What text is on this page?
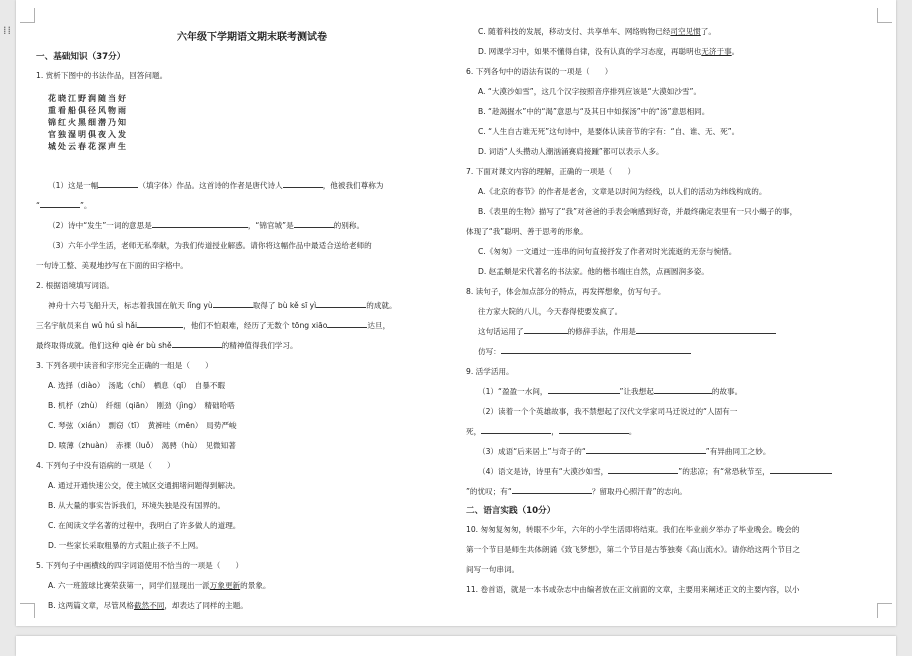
六年级下学期语文期末联考测试卷
一、基础知识（37分）
1. 赏析下图中的书法作品，回答问题。
花晓江野润随当好
重看船俱径风物雨
锦红火黑细潜乃知
官独湿明俱夜入发
城处云春花深声生
（1）这是一幅	（填字体）作品。这首诗的作者是唐代诗人	，他被我们尊称为
“	”。
（2）诗中“发生”一词的意思是	，“锦官城”是	的别称。
（3）六年小学生活，老师无私奉献，为我们传道授业解惑。请你将这幅作品中最适合送给老师的
一句诗工整、美观地抄写在下面的田字格中。
2. 根据语境填写词语。
神舟十六号飞船升天，标志着我国在航天 lǐng yù	取得了 bù kě sī yì	的成就。
三名宇航员来自 wǔ hú sì hǎi	，他们不怕艰难，经历了无数个 tōng xiāo	达旦，
最终取得成就。他们这种 qiè ér bù shě	的精神值得我们学习。
3. 下列各项中读音和字形完全正确的一组是（　　）
A. 选择（diào）　汤匙（chí）　栖息（qī）　自暴不暇
B. 机杼（zhù）　纤细（qiān）　刚劲（jìng）　精础哈嗒
C. 琴弦（xián）　剽窃（tī）　黄裤哇（mēn）　局势严峻
D. 喷薄（zhuàn）　赤裸（luǒ）　渴骋（hù）　见微知著
4. 下列句子中没有语病的一项是（　　）
A. 通过开通快速公交，使主城区交通拥堵问题得到解决。
B. 从大量的事实告诉我们，环境失独是没有国界的。
C. 在阅读文学名著的过程中，我明白了许多做人的道理。
D. 一些家长采取粗暴的方式阻止孩子不上网。
5. 下列句子中画横线的四字词语使用不恰当的一项是（　　）
A. 六一班篮球比赛荣获第一，同学们显现出一派万象更新的景象。
B. 这两篇文章，尽管风格截然不同，却表达了同样的主题。
C. 随着科技的发展，移动支付、共享单车、网络购物已经司空见惯了。
D. 网课学习中，如果不懂得自律，没有认真的学习态度，再聪明也无济于事。
6. 下列各句中的语法有误的一项是（　　）
A. “大漠沙如雪”，这几个汉字按照音序排列应该是“大漠如沙雪”。
B. “趁渴掘水”中的“渴”意思与“及其日中如探汤”中的“汤”意思相同。
C. “人生自古谁无死”这句诗中，是要体认读音节的字有：“自、谁、无、死”。
D. 词语“人头攒动人潮汹涌赛肩接踵”都可以表示人多。
7. 下面对课文内容的理解，正确的一项是（　　）
A.《北京的春节》的作者是老舍，文章是以时间为经线，以人们的活动为纬线构成的。
B.《表里的生物》描写了“我”对爸爸的手表会响感到好奇，并最终确定表里有一只小蝎子的事，
体现了“我”聪明、善于思考的形象。
C.《匆匆》一文通过一连串的问句直接抒发了作者对时光流逝的无奈与惋惜。
D. 赵孟頫是宋代著名的书法家。他的楷书端庄自然，点画圆润多姿。
8. 读句子，体会加点部分的特点，再发挥想象，仿写句子。
往方家大院的八儿，今天春得使要发疯了。
这句话运用了	的修辞手法，作用是
仿写：
9. 活学活用。
（1）“盈盈一水间，	”让我想起	的故事。
（2）读着一个个英雄故事，我不禁想起了汉代文学家司马迁说过的“人固有一
死，	，	。
（3）成语“后来居上”与奇子的“	”有异曲同工之妙。
（4）语文是诗，诗里有“大漠沙如雪，	”的悲凉；有“常恐秋节至，
”的忧叹；有“	？留取丹心照汗青”的志向。
二、语言实践（10分）
10. 匆匆复匆匆，转眼不少年，六年的小学生活即将结束。我们在毕业前夕举办了毕业晚会。晚会的
第一个节目是师生共体朗诵《致飞梦想》，第二个节目是古筝独奏《高山流水》。请你给这两个节目之
间写一句串词。
11. 卷首语，就是一本书或杂志中由编者放在正文前面的文章，主要用来阐述正文的主要内容，以小
⁞⁞
